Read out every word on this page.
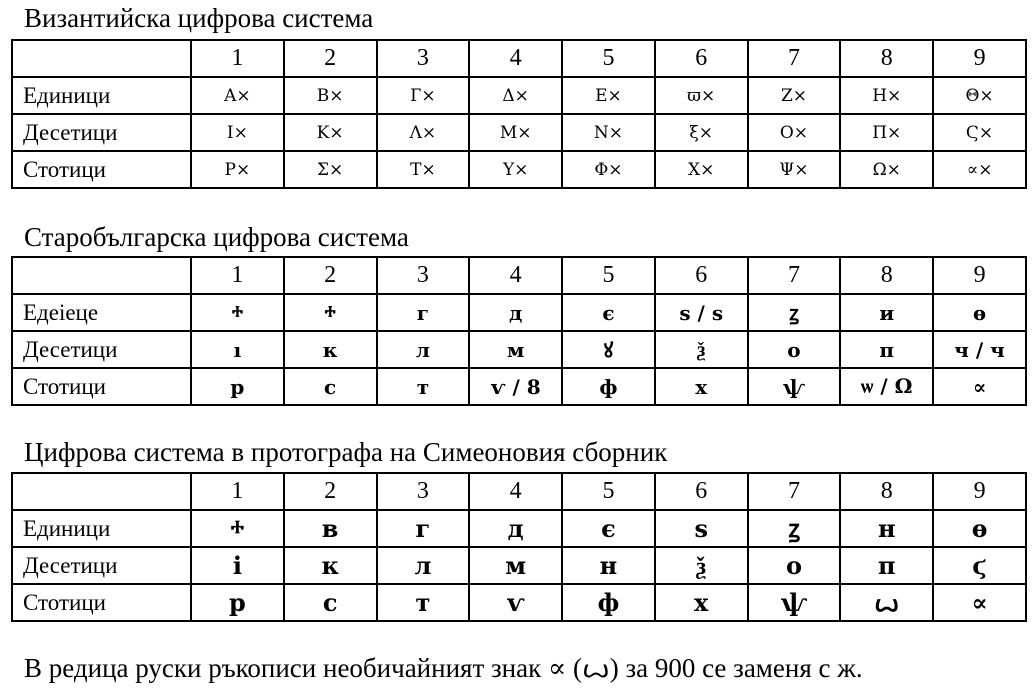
Византийска цифрова система
	1	2	3	4	5	6	7	8	9
Единици	A×	B×	Г×	Δ×	E×	ϖ×	Z×	H×	Θ×
Десетици	I×	K×	Λ×	M×	N×	ξ×	O×	Π×	Ϛ×
Стотици	P×	Σ×	T×	Y×	Φ×	X×	Ψ×	Ω×	∝×
Старобългарска цифрова система
	1	2	3	4	5	6	7	8	9
Едеiеце	ⰰ	ⰰ	г	д	є	ѕ / ѕ	ꙁ	и	ѳ
Десетици	ı	к	л	м	ꙋ	ѯ	о	п	ч / ч
Стотици	р	с	т	ѵ / 8	ф	х	ѱ	ѡ / Ω	∝
Цифрова система в протографа на Симеоновия сборник
	1	2	3	4	5	6	7	8	9
Единици	ⰰ	в	г	д	є	ѕ	ꙁ	н	ѳ
Десетици	і	к	л	м	н	ѯ	о	п	ϛ
Стотици	р	с	т	ѵ	ф	х	ѱ	ꙍ	∝
В редица руски ръкописи необичайният знак ∝ (ꙍ) за 900 се заменя с ж.
